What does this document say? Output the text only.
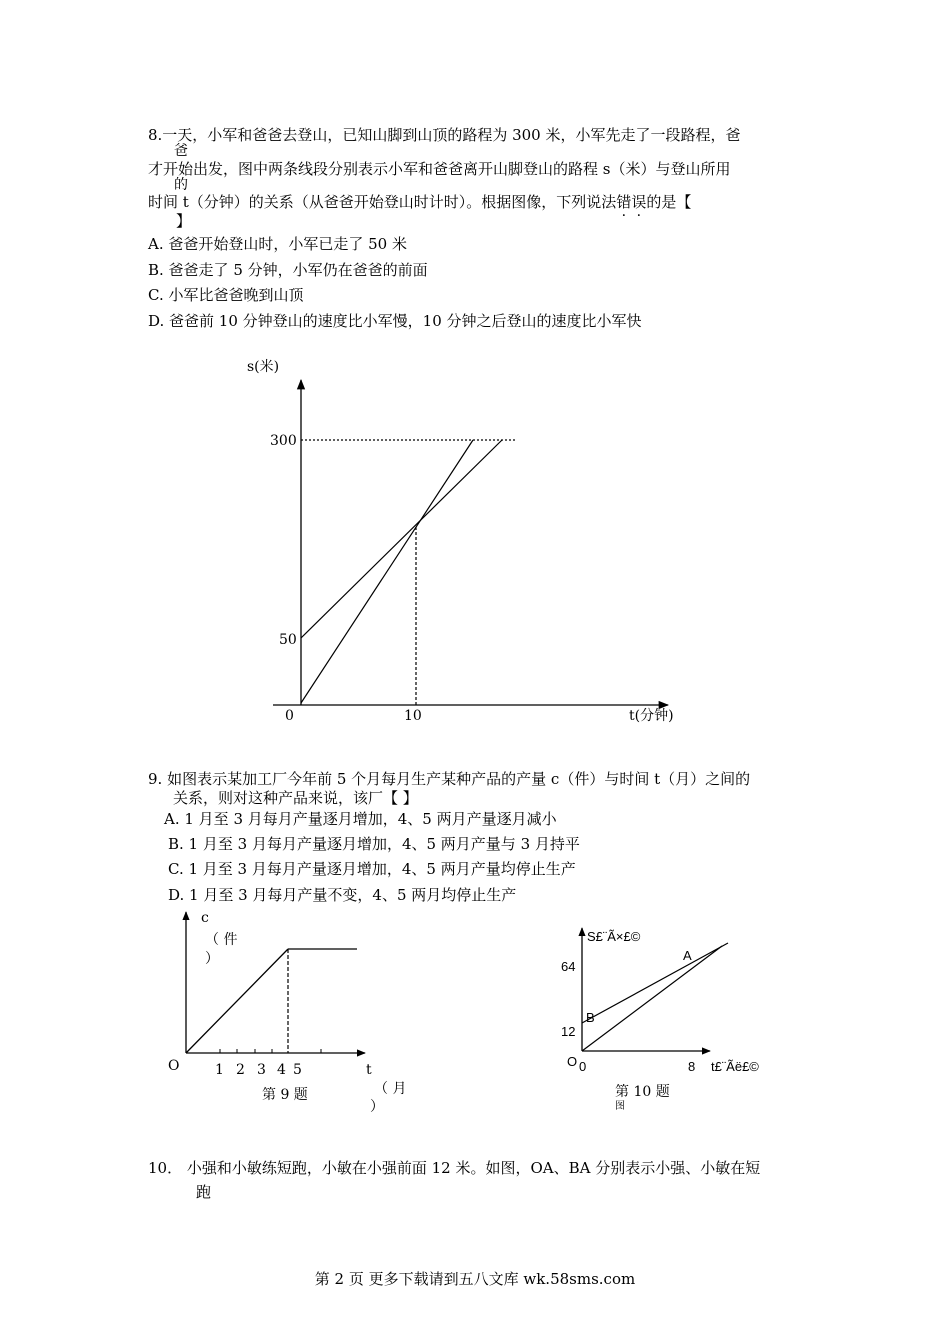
8.一天，小军和爸爸去登山，已知山脚到山顶的路程为 300 米，小军先走了一段路程，爸
爸
才开始出发，图中两条线段分别表示小军和爸爸离开山脚登山的路程 s（米）与登山所用
的
时间 t（分钟）的关系（从爸爸开始登山时计时）。根据图像，下列说法错误的是【
】
A. 爸爸开始登山时，小军已走了 50 米
B. 爸爸走了 5 分钟，小军仍在爸爸的前面
C. 小军比爸爸晚到山顶
D. 爸爸前 10 分钟登山的速度比小军慢，10 分钟之后登山的速度比小军快
s(米)
t(分钟)
300
50
0	10
9. 如图表示某加工厂今年前 5 个月每月生产某种产品的产量 c（件）与时间 t（月）之间的
关系，则对这种产品来说，该厂【 】
A. 1 月至 3 月每月产量逐月增加，4、5 两月产量逐月减小
B. 1 月至 3 月每月产量逐月增加，4、5 两月产量与 3 月持平
C. 1 月至 3 月每月产量逐月增加，4、5 两月产量均停止生产
D. 1 月至 3 月每月产量不变，4、5 两月均停止生产
c
（ 件
）
O	1 2 3 4 5	t
（ 月
）
第 9 题
S£¨Ã×£©
t£¨Ãë£©
64
12
O 0	8
A
B
第 10 题
图
10． 小强和小敏练短跑，小敏在小强前面 12 米。如图，OA、BA 分别表示小强、小敏在短
跑
第 2 页 更多下载请到五八文库 wk.58sms.com
